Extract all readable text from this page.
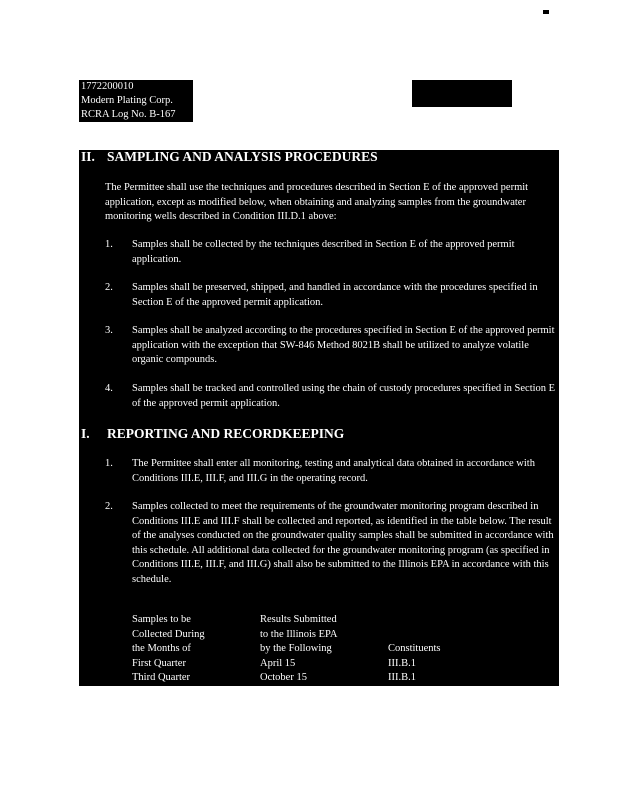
1772200010
Modern Plating Corp.
RCRA Log No. B-167
II. SAMPLING AND ANALYSIS PROCEDURES
The Permittee shall use the techniques and procedures described in Section E of the approved permit application, except as modified below, when obtaining and analyzing samples from the groundwater monitoring wells described in Condition III.D.1 above:
1. Samples shall be collected by the techniques described in Section E of the approved permit application.
2. Samples shall be preserved, shipped, and handled in accordance with the procedures specified in Section E of the approved permit application.
3. Samples shall be analyzed according to the procedures specified in Section E of the approved permit application with the exception that SW-846 Method 8021B shall be utilized to analyze volatile organic compounds.
4. Samples shall be tracked and controlled using the chain of custody procedures specified in Section E of the approved permit application.
I. REPORTING AND RECORDKEEPING
1. The Permittee shall enter all monitoring, testing and analytical data obtained in accordance with Conditions III.E, III.F, and III.G in the operating record.
2. Samples collected to meet the requirements of the groundwater monitoring program described in Conditions III.E and III.F shall be collected and reported, as identified in the table below. The result of the analyses conducted on the groundwater quality samples shall be submitted in accordance with this schedule. All additional data collected for the groundwater monitoring program (as specified in Conditions III.E, III.F, and III.G) shall also be submitted to the Illinois EPA in accordance with this schedule.
Samples to be
Collected During
the Months of
First Quarter
Third Quarter
Results Submitted
to the Illinois EPA
by the Following
April 15
October 15
Constituents
III.B.1
III.B.1
